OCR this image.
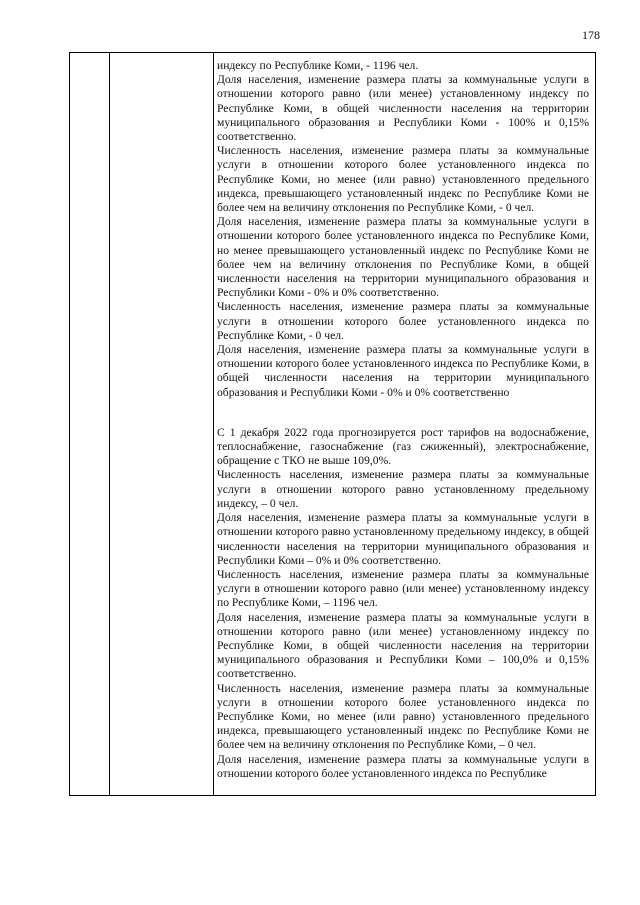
178

индексу по Республике Коми, - 1196 чел.

Доля населения, изменение размера платы за коммунальные услуги в отношении которого равно (или менее) установленному индексу по Республике Коми, в общей численности населения на территории муниципального образования и Республики Коми - 100% и 0,15% соответственно.

Численность населения, изменение размера платы за коммунальные услуги в отношении которого более установленного индекса по Республике Коми, но менее (или равно) установленного предельного индекса, превышающего установленный индекс по Республике Коми не более чем на величину отклонения по Республике Коми, - 0 чел.

Доля населения, изменение размера платы за коммунальные услуги в отношении которого более установленного индекса по Республике Коми, но менее превышающего установленный индекс по Республике Коми не более чем на величину отклонения по Республике Коми, в общей численности населения на территории муниципального образования и Республики Коми - 0% и 0% соответственно.

Численность населения, изменение размера платы за коммунальные услуги в отношении которого более установленного индекса по Республике Коми, - 0 чел.

Доля населения, изменение размера платы за коммунальные услуги в отношении которого более установленного индекса по Республике Коми, в общей численности населения на территории муниципального образования и Республики Коми - 0% и 0% соответственно

С 1 декабря 2022 года прогнозируется рост тарифов на водоснабжение, теплоснабжение, газоснабжение (газ сжиженный), электроснабжение, обращение с ТКО не выше 109,0%.

Численность населения, изменение размера платы за коммунальные услуги в отношении которого равно установленному предельному индексу, – 0 чел.

Доля населения, изменение размера платы за коммунальные услуги в отношении которого равно установленному предельному индексу, в общей численности населения на территории муниципального образования и Республики Коми – 0% и 0% соответственно.

Численность населения, изменение размера платы за коммунальные услуги в отношении которого равно (или менее) установленному индексу по Республике Коми, – 1196 чел.

Доля населения, изменение размера платы за коммунальные услуги в отношении которого равно (или менее) установленному индексу по Республике Коми, в общей численности населения на территории муниципального образования и Республики Коми – 100,0% и 0,15% соответственно.

Численность населения, изменение размера платы за коммунальные услуги в отношении которого более установленного индекса по Республике Коми, но менее (или равно) установленного предельного индекса, превышающего установленный индекс по Республике Коми не более чем на величину отклонения по Республике Коми, – 0 чел.

Доля населения, изменение размера платы за коммунальные услуги в отношении которого более установленного индекса по Республике
